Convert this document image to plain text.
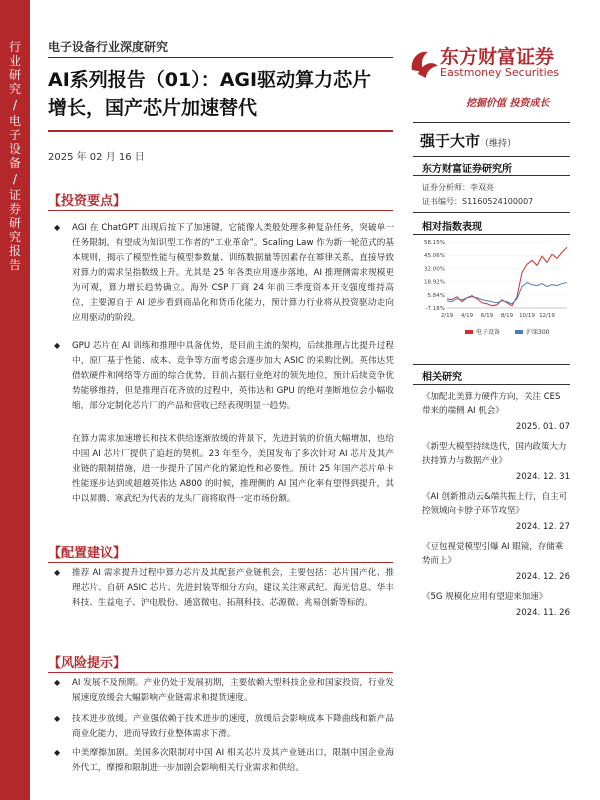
行
业
研
究
/
电
子
设
备
/
证
券
研
究
报
告
电子设备行业深度研究
AI系列报告（01）：AGI驱动算力芯片
增长，国产芯片加速替代
2025 年 02 月 16 日
东方财富证券
Eastmoney Securities
挖掘价值 投资成长
强于大市（维持）
东方财富证券研究所
证券分析师：李双亮
证书编号：S1160524100007
相对指数表现
58.15%
45.06%
32.00%
18.92%
5.84%
-7.18%
2/19 4/19 6/19 8/19 10/19 12/19
电子设备	沪深300
相关研究
《加配北美算力硬件方向，关注 CES 带来的端侧 AI 机会》
2025. 01. 07
《新型大模型持续迭代，国内政策大力扶持算力与数据产业》
2024. 12. 31
《AI 创新推动云&端共振上行，自主可控领域向卡脖子环节攻坚》
2024. 12. 27
《豆包视觉模型引爆 AI 眼镜，存储乘势而上》
2024. 12. 26
《5G 规模化应用有望迎来加速》
2024. 11. 26
【投资要点】
◆ AGI 在 ChatGPT 出现后按下了加速键，它能像人类般处理多种复杂任务，突破单一任务限制，有望成为知识型工作者的“工业革命”。Scaling Law 作为新一轮范式的基本规则，揭示了模型性能与模型参数量、训练数据量等因素存在幂律关系，直接导致对算力的需求呈指数级上升。尤其是 25 年各类应用逐步落地，AI 推理侧需求规模更为可观，算力增长趋势确立。海外 CSP 厂商 24 年前三季度资本开支强度维持高位，主要源自于 AI 逆步看到商品化和货币化能力，预计算力行业将从投资驱动走向应用驱动的阶段。
◆ GPU 芯片在 AI 训练和推理中具备优势，是目前主流的架构，后续推理占比提升过程中，原厂基于性能、成本、竞争等方面考虑会逐步加大 ASIC 的采购比例。英伟达凭借软硬件和网络等方面的综合优势，目前占据行业绝对的领先地位，预计后续竞争优势能够维持，但是推理百花齐放的过程中，英伟达和 GPU 的绝对垄断地位会小幅收缩，部分定制化芯片厂的产品和营收已经表现明显一趋势。
在算力需求加速增长和技术供给逐渐放缓的背景下，先进封装的价值大幅增加，也给中国 AI 芯片厂提供了追赶的契机。23 年至今，美国发布了多次针对 AI 芯片及其产业链的限制措施，进一步提升了国产化的紧迫性和必要性。预计 25 年国产芯片单卡性能逐步达到或超越英伟达 A800 的时候，推理侧的 AI 国产化率有望得到提升，其中以昇腾、寒武纪为代表的龙头厂商将取得一定市场份额。
【配置建议】
◆ 推荐 AI 需求提升过程中算力芯片及其配套产业链机会，主要包括：芯片国产化、推理芯片、自研 ASIC 芯片、先进封装等细分方向，建议关注寒武纪、海光信息、华丰科技、生益电子、沪电股份、通富微电、拓荆科技、芯源微、兆易创新等标的。
【风险提示】
◆ AI 发展不及预期。产业仍处于发展初期，主要依赖大型科技企业和国家投资，行业发展速度放缓会大幅影响产业链需求和提货速度。
◆ 技术进步放缓。产业强依赖于技术进步的速度，放缓后会影响成本下降曲线和新产品商业化能力，进而导致行业整体需求下滑。
◆ 中美摩擦加剧。美国多次限制对中国 AI 相关芯片及其产业链出口，限制中国企业海外代工，摩擦和限制进一步加剧会影响相关行业需求和供给。
